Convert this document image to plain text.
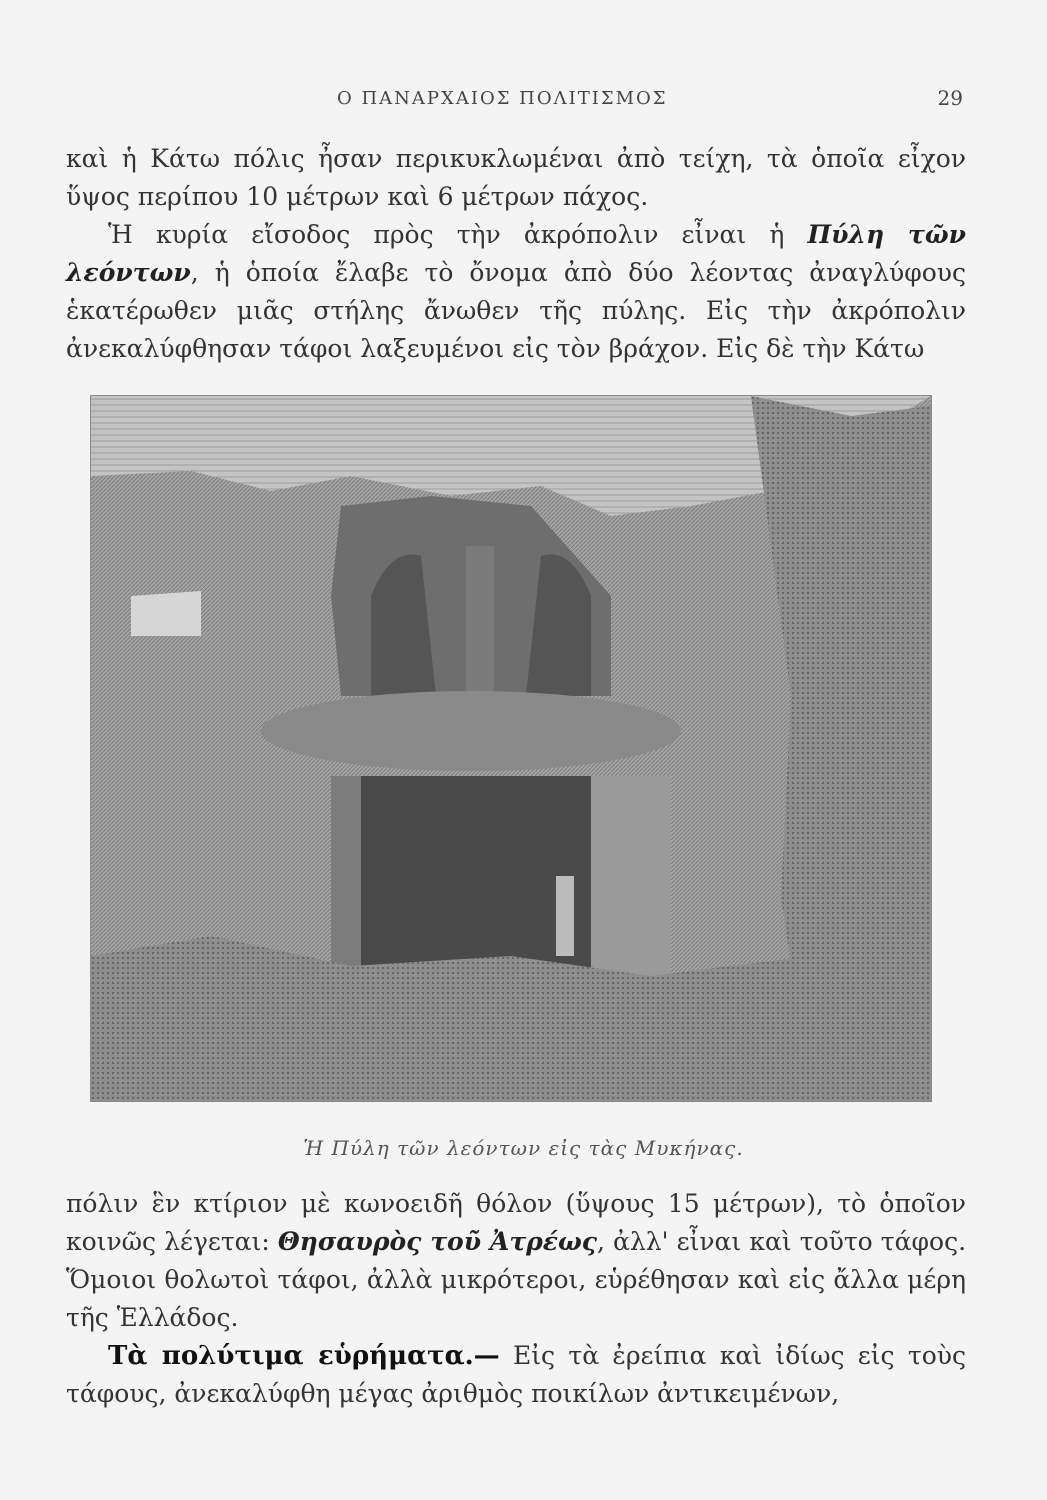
Ο ΠΑΝΑΡΧΑΙΟΣ ΠΟΛΙΤΙΣΜΟΣ	29

καὶ ἡ Κάτω πόλις ἦσαν περικυκλωμέναι ἀπὸ τείχη, τὰ ὁποῖα εἶχον ὕψος περίπου 10 μέτρων καὶ 6 μέτρων πάχος.

Ἡ κυρία εἴσοδος πρὸς τὴν ἀκρόπολιν εἶναι ἡ Πύλη τῶν λεόντων, ἡ ὁποία ἔλαβε τὸ ὄνομα ἀπὸ δύο λέοντας ἀναγλύφους ἑκατέρωθεν μιᾶς στήλης ἄνωθεν τῆς πύλης. Εἰς τὴν ἀκρόπολιν ἀνεκαλύφθησαν τάφοι λαξευμένοι εἰς τὸν βράχον. Εἰς δὲ τὴν Κάτω

Ἡ Πύλη τῶν λεόντων εἰς τὰς Μυκήνας.

πόλιν ἓν κτίριον μὲ κωνοειδῆ θόλον (ὕψους 15 μέτρων), τὸ ὁποῖον κοινῶς λέγεται: Θησαυρὸς τοῦ Ἀτρέως, ἀλλ' εἶναι καὶ τοῦτο τάφος. Ὅμοιοι θολωτοὶ τάφοι, ἀλλὰ μικρότεροι, εὑρέθησαν καὶ εἰς ἄλλα μέρη τῆς Ἑλλάδος.

Τὰ πολύτιμα εὑρήματα.— Εἰς τὰ ἐρείπια καὶ ἰδίως εἰς τοὺς τάφους, ἀνεκαλύφθη μέγας ἀριθμὸς ποικίλων ἀντικειμένων,
